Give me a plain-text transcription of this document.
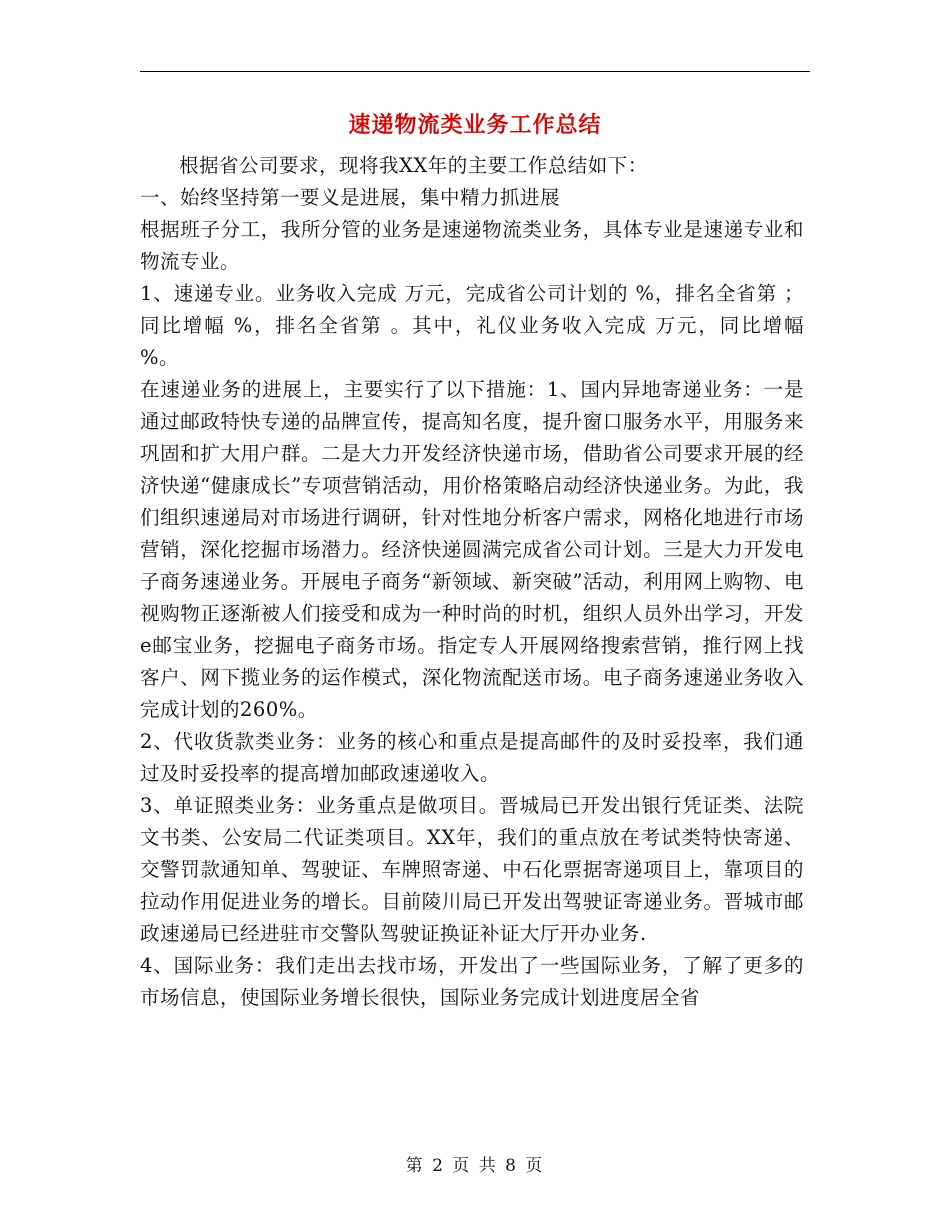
速递物流类业务工作总结

根据省公司要求，现将我XX年的主要工作总结如下：

一、始终坚持第一要义是进展，集中精力抓进展

根据班子分工，我所分管的业务是速递物流类业务，具体专业是速递专业和物流专业。

1、速递专业。业务收入完成 万元，完成省公司计划的 %，排名全省第 ；同比增幅 %，排名全省第 。其中，礼仪业务收入完成 万元，同比增幅 %。

在速递业务的进展上，主要实行了以下措施：1、国内异地寄递业务：一是通过邮政特快专递的品牌宣传，提高知名度，提升窗口服务水平，用服务来巩固和扩大用户群。二是大力开发经济快递市场，借助省公司要求开展的经济快递“健康成长”专项营销活动，用价格策略启动经济快递业务。为此，我们组织速递局对市场进行调研，针对性地分析客户需求，网格化地进行市场营销，深化挖掘市场潜力。经济快递圆满完成省公司计划。三是大力开发电子商务速递业务。开展电子商务“新领域、新突破”活动，利用网上购物、电视购物正逐渐被人们接受和成为一种时尚的时机，组织人员外出学习，开发e邮宝业务，挖掘电子商务市场。指定专人开展网络搜索营销，推行网上找客户、网下揽业务的运作模式，深化物流配送市场。电子商务速递业务收入完成计划的260%。

2、代收货款类业务：业务的核心和重点是提高邮件的及时妥投率，我们通过及时妥投率的提高增加邮政速递收入。

3、单证照类业务：业务重点是做项目。晋城局已开发出银行凭证类、法院文书类、公安局二代证类项目。XX年，我们的重点放在考试类特快寄递、交警罚款通知单、驾驶证、车牌照寄递、中石化票据寄递项目上，靠项目的拉动作用促进业务的增长。目前陵川局已开发出驾驶证寄递业务。晋城市邮政速递局已经进驻市交警队驾驶证换证补证大厅开办业务.

4、国际业务：我们走出去找市场，开发出了一些国际业务，了解了更多的市场信息，使国际业务增长很快，国际业务完成计划进度居全省

第 2 页 共 8 页
